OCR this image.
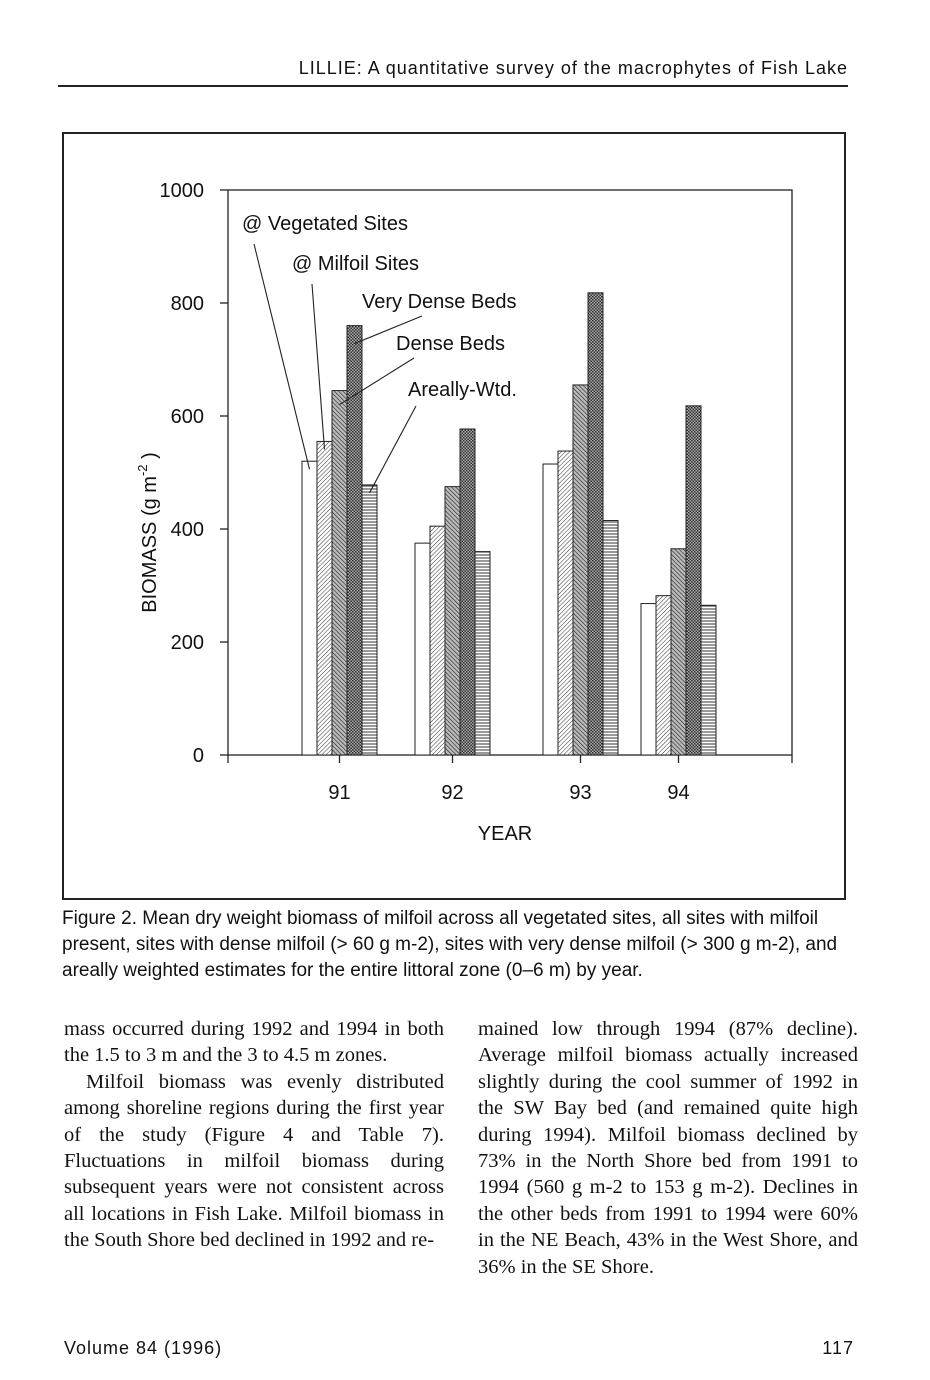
LILLIE: A quantitative survey of the macrophytes of Fish Lake
0
200
400
600
800
1000
BIOMASS (g $m^{-2}$ )
91	92	93	94
YEAR
@ Vegetated Sites
@ Milfoil Sites
Very Dense Beds
Dense Beds
Areally-Wtd.
Figure 2. Mean dry weight biomass of milfoil across all vegetated sites, all sites with milfoil present, sites with dense milfoil (> 60 g m-2), sites with very dense milfoil (> 300 g m-2), and areally weighted estimates for the entire littoral zone (0–6 m) by year.

mass occurred during 1992 and 1994 in both the 1.5 to 3 m and the 3 to 4.5 m zones.

Milfoil biomass was evenly distributed among shoreline regions during the first year of the study (Figure 4 and Table 7). Fluctuations in milfoil biomass during subsequent years were not consistent across all locations in Fish Lake. Milfoil biomass in the South Shore bed declined in 1992 and re-

mained low through 1994 (87% decline). Average milfoil biomass actually increased slightly during the cool summer of 1992 in the SW Bay bed (and remained quite high during 1994). Milfoil biomass declined by 73% in the North Shore bed from 1991 to 1994 (560 g m-2 to 153 g m-2). Declines in the other beds from 1991 to 1994 were 60% in the NE Beach, 43% in the West Shore, and 36% in the SE Shore.

Volume 84 (1996)	117
